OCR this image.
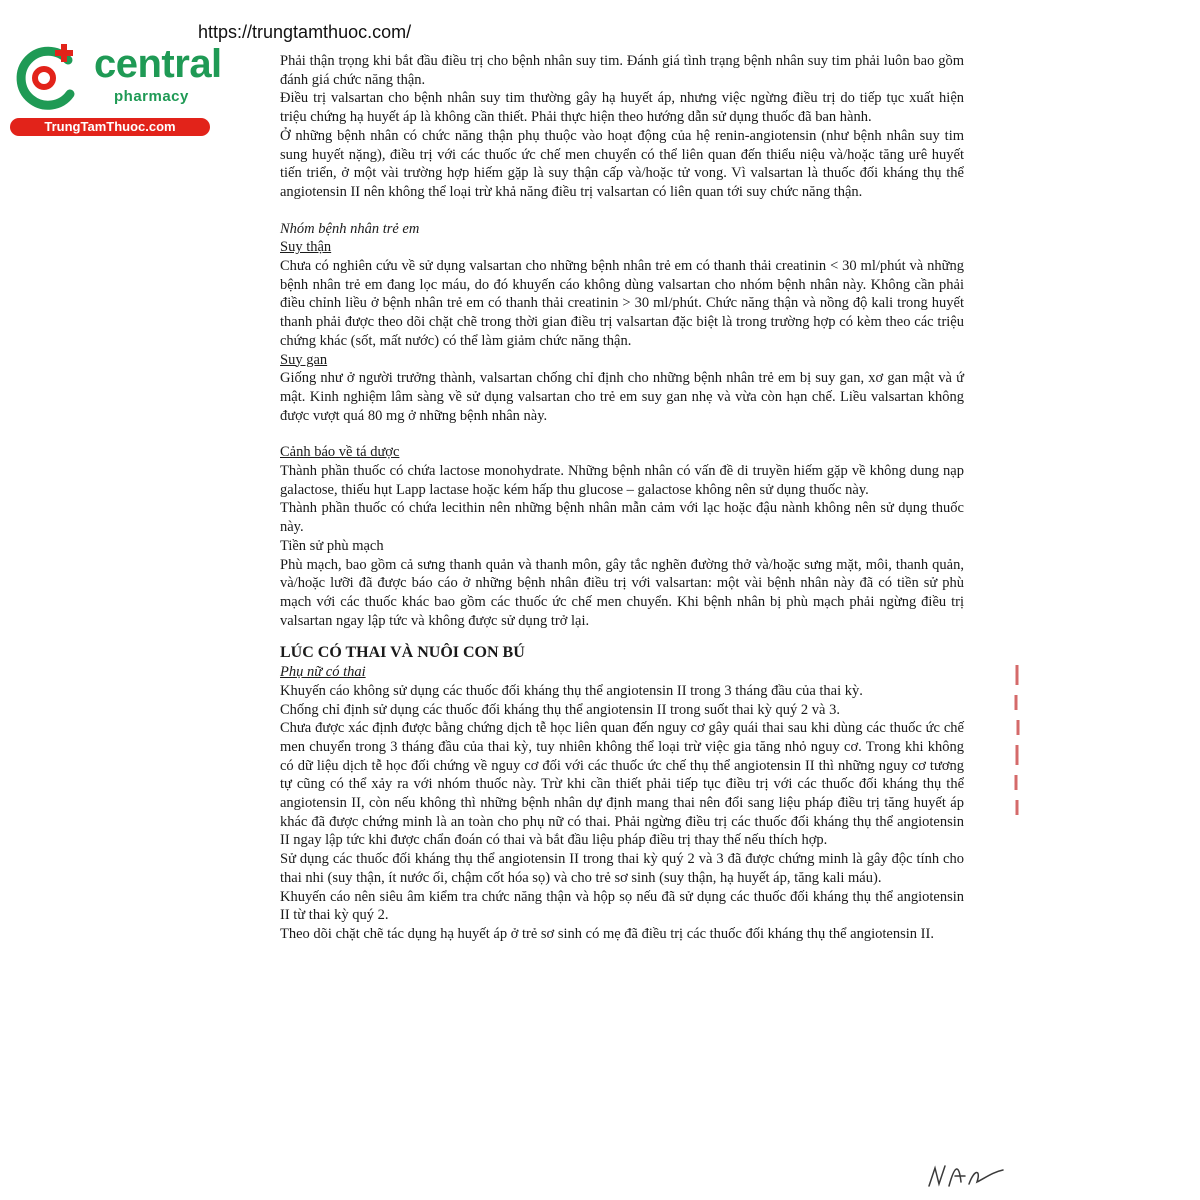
https://trungtamthuoc.com/
central
pharmacy
TrungTamThuoc.com

Phải thận trọng khi bắt đầu điều trị cho bệnh nhân suy tim. Đánh giá tình trạng bệnh nhân suy tim phải luôn bao gồm đánh giá chức năng thận.

Điều trị valsartan cho bệnh nhân suy tim thường gây hạ huyết áp, nhưng việc ngừng điều trị do tiếp tục xuất hiện triệu chứng hạ huyết áp là không cần thiết. Phải thực hiện theo hướng dẫn sử dụng thuốc đã ban hành.

Ở những bệnh nhân có chức năng thận phụ thuộc vào hoạt động của hệ renin-angiotensin (như bệnh nhân suy tim sung huyết nặng), điều trị với các thuốc ức chế men chuyển có thể liên quan đến thiểu niệu và/hoặc tăng urê huyết tiến triển, ở một vài trường hợp hiếm gặp là suy thận cấp và/hoặc tử vong. Vì valsartan là thuốc đối kháng thụ thể angiotensin II nên không thể loại trừ khả năng điều trị valsartan có liên quan tới suy chức năng thận.

Nhóm bệnh nhân trẻ em

Suy thận

Chưa có nghiên cứu về sử dụng valsartan cho những bệnh nhân trẻ em có thanh thải creatinin < 30 ml/phút và những bệnh nhân trẻ em đang lọc máu, do đó khuyến cáo không dùng valsartan cho nhóm bệnh nhân này. Không cần phải điều chỉnh liều ở bệnh nhân trẻ em có thanh thải creatinin > 30 ml/phút. Chức năng thận và nồng độ kali trong huyết thanh phải được theo dõi chặt chẽ trong thời gian điều trị valsartan đặc biệt là trong trường hợp có kèm theo các triệu chứng khác (sốt, mất nước) có thể làm giảm chức năng thận.

Suy gan

Giống như ở người trưởng thành, valsartan chống chỉ định cho những bệnh nhân trẻ em bị suy gan, xơ gan mật và ứ mật. Kinh nghiệm lâm sàng về sử dụng valsartan cho trẻ em suy gan nhẹ và vừa còn hạn chế. Liều valsartan không được vượt quá 80 mg ở những bệnh nhân này.

Cảnh báo về tá dược

Thành phần thuốc có chứa lactose monohydrate. Những bệnh nhân có vấn đề di truyền hiếm gặp về không dung nạp galactose, thiếu hụt Lapp lactase hoặc kém hấp thu glucose – galactose không nên sử dụng thuốc này.

Thành phần thuốc có chứa lecithin nên những bệnh nhân mẫn cảm với lạc hoặc đậu nành không nên sử dụng thuốc này.

Tiền sử phù mạch

Phù mạch, bao gồm cả sưng thanh quản và thanh môn, gây tắc nghẽn đường thở và/hoặc sưng mặt, môi, thanh quản, và/hoặc lưỡi đã được báo cáo ở những bệnh nhân điều trị với valsartan: một vài bệnh nhân này đã có tiền sử phù mạch với các thuốc khác bao gồm các thuốc ức chế men chuyển. Khi bệnh nhân bị phù mạch phải ngừng điều trị valsartan ngay lập tức và không được sử dụng trở lại.

LÚC CÓ THAI VÀ NUÔI CON BÚ

Phụ nữ có thai

Khuyến cáo không sử dụng các thuốc đối kháng thụ thể angiotensin II trong 3 tháng đầu của thai kỳ.

Chống chỉ định sử dụng các thuốc đối kháng thụ thể angiotensin II trong suốt thai kỳ quý 2 và 3.

Chưa được xác định được bằng chứng dịch tễ học liên quan đến nguy cơ gây quái thai sau khi dùng các thuốc ức chế men chuyển trong 3 tháng đầu của thai kỳ, tuy nhiên không thể loại trừ việc gia tăng nhỏ nguy cơ. Trong khi không có dữ liệu dịch tễ học đối chứng về nguy cơ đối với các thuốc ức chế thụ thể angiotensin II thì những nguy cơ tương tự cũng có thể xảy ra với nhóm thuốc này. Trừ khi cần thiết phải tiếp tục điều trị với các thuốc đối kháng thụ thể angiotensin II, còn nếu không thì những bệnh nhân dự định mang thai nên đổi sang liệu pháp điều trị tăng huyết áp khác đã được chứng minh là an toàn cho phụ nữ có thai. Phải ngừng điều trị các thuốc đối kháng thụ thể angiotensin II ngay lập tức khi được chẩn đoán có thai và bắt đầu liệu pháp điều trị thay thế nếu thích hợp.

Sử dụng các thuốc đối kháng thụ thể angiotensin II trong thai kỳ quý 2 và 3 đã được chứng minh là gây độc tính cho thai nhi (suy thận, ít nước ối, chậm cốt hóa sọ) và cho trẻ sơ sinh (suy thận, hạ huyết áp, tăng kali máu).

Khuyến cáo nên siêu âm kiểm tra chức năng thận và hộp sọ nếu đã sử dụng các thuốc đối kháng thụ thể angiotensin II từ thai kỳ quý 2.

Theo dõi chặt chẽ tác dụng hạ huyết áp ở trẻ sơ sinh có mẹ đã điều trị các thuốc đối kháng thụ thể angiotensin II.
